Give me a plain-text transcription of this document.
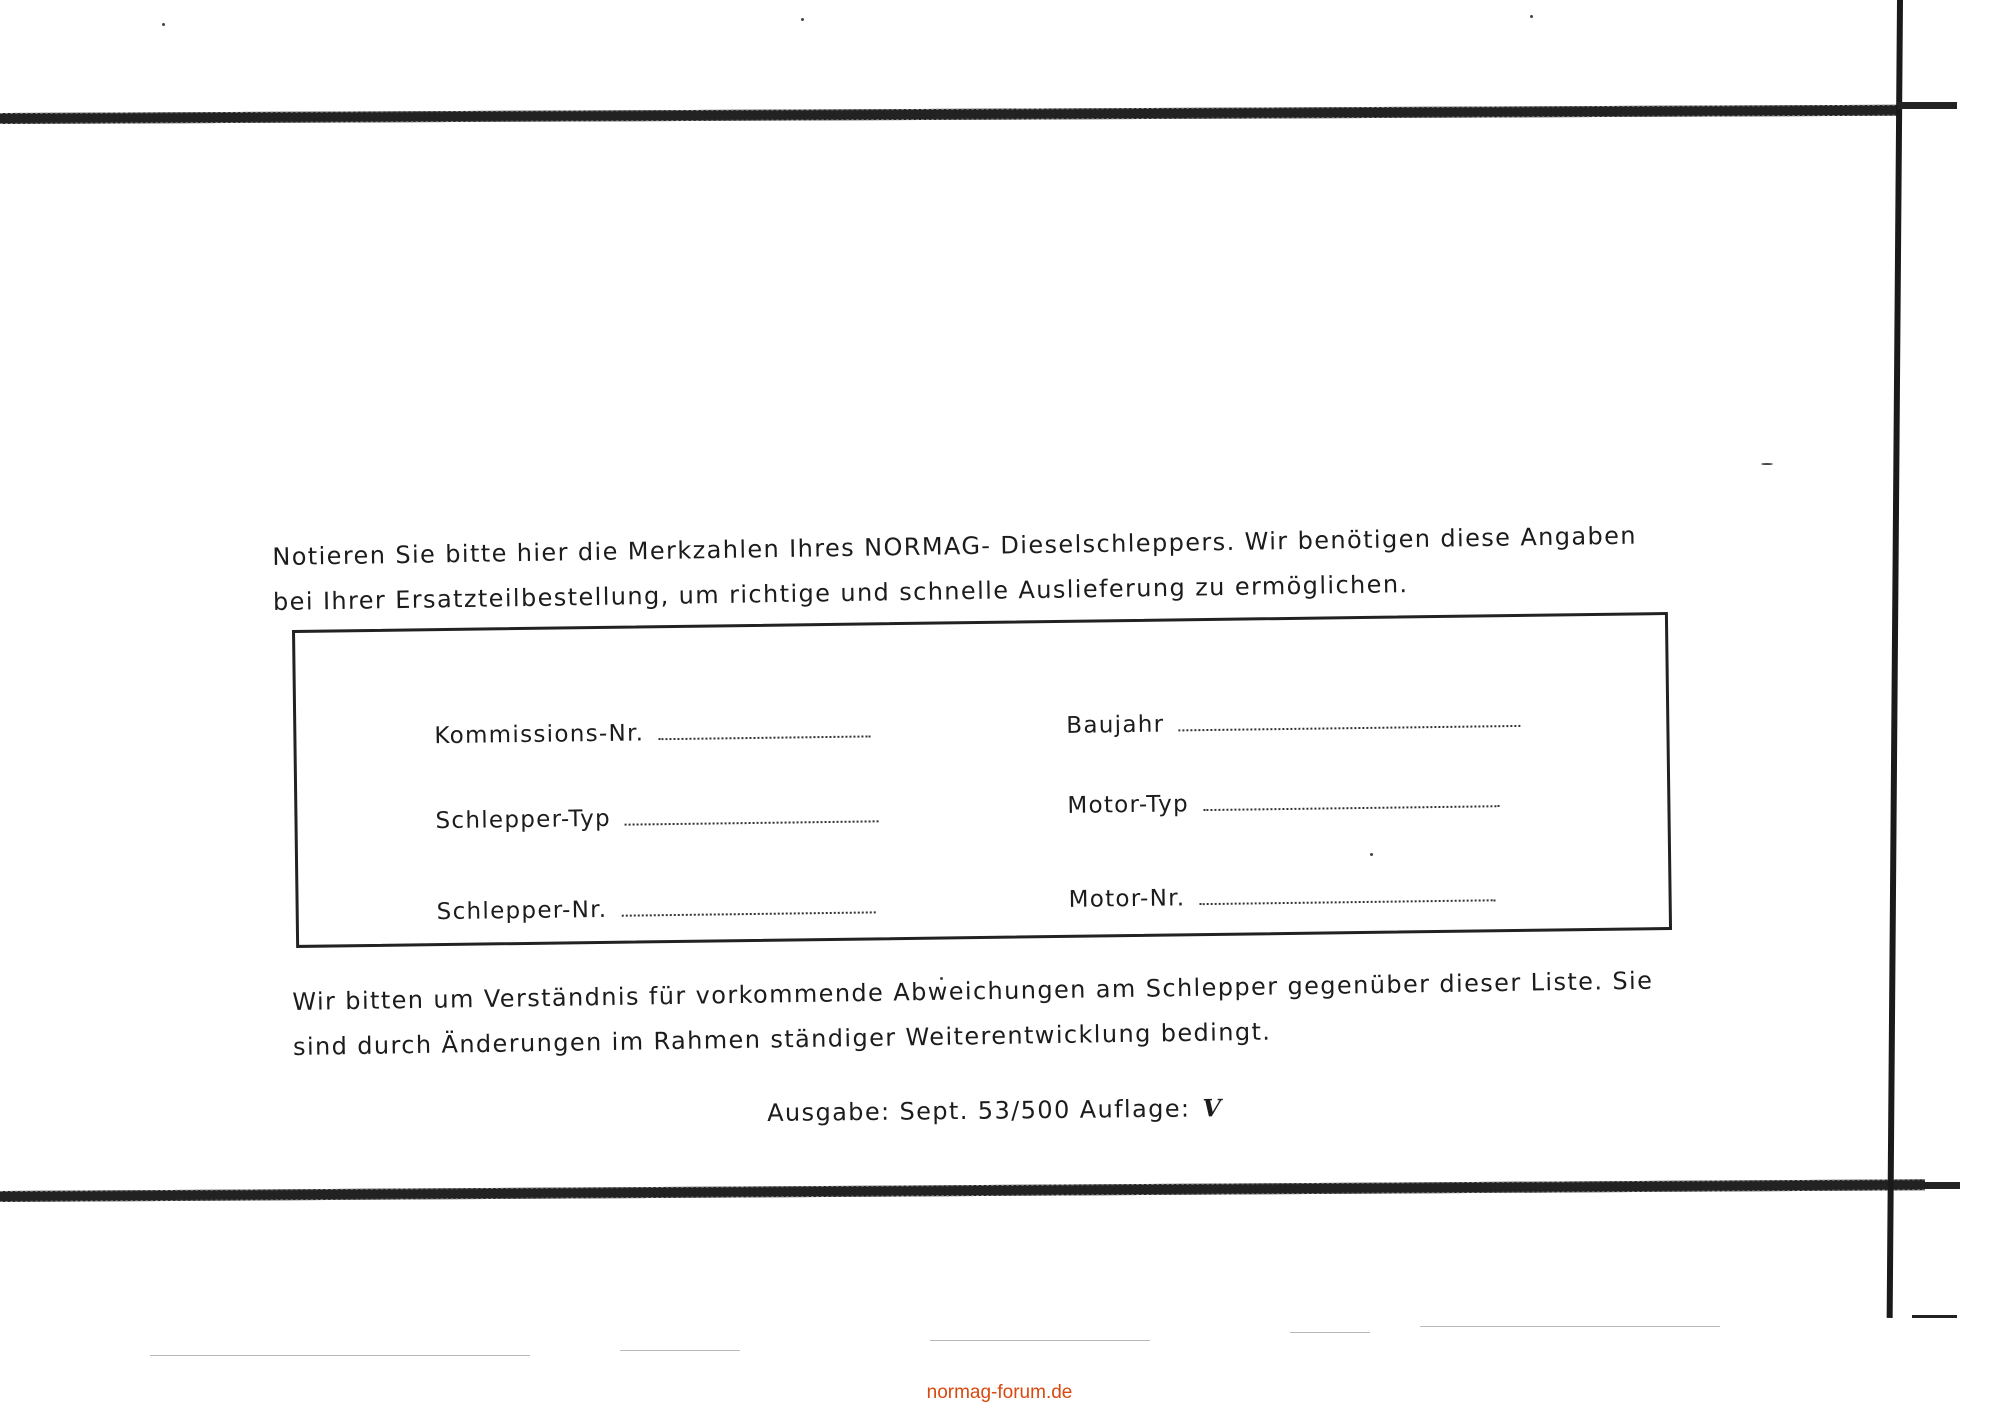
Notieren Sie bitte hier die Merkzahlen Ihres NORMAG- Dieselschleppers. Wir benötigen diese Angaben
bei Ihrer Ersatzteilbestellung, um richtige und schnelle Auslieferung zu ermöglichen.
Kommissions-Nr.
Schlepper-Typ
Schlepper-Nr.
Baujahr
Motor-Typ
Motor-Nr.
Wir bitten um Verständnis für vorkommende Abweichungen am Schlepper gegenüber dieser Liste. Sie
sind durch Änderungen im Rahmen ständiger Weiterentwicklung bedingt.
Ausgabe: Sept. 53/500 Auflage: V
normag-forum.de
